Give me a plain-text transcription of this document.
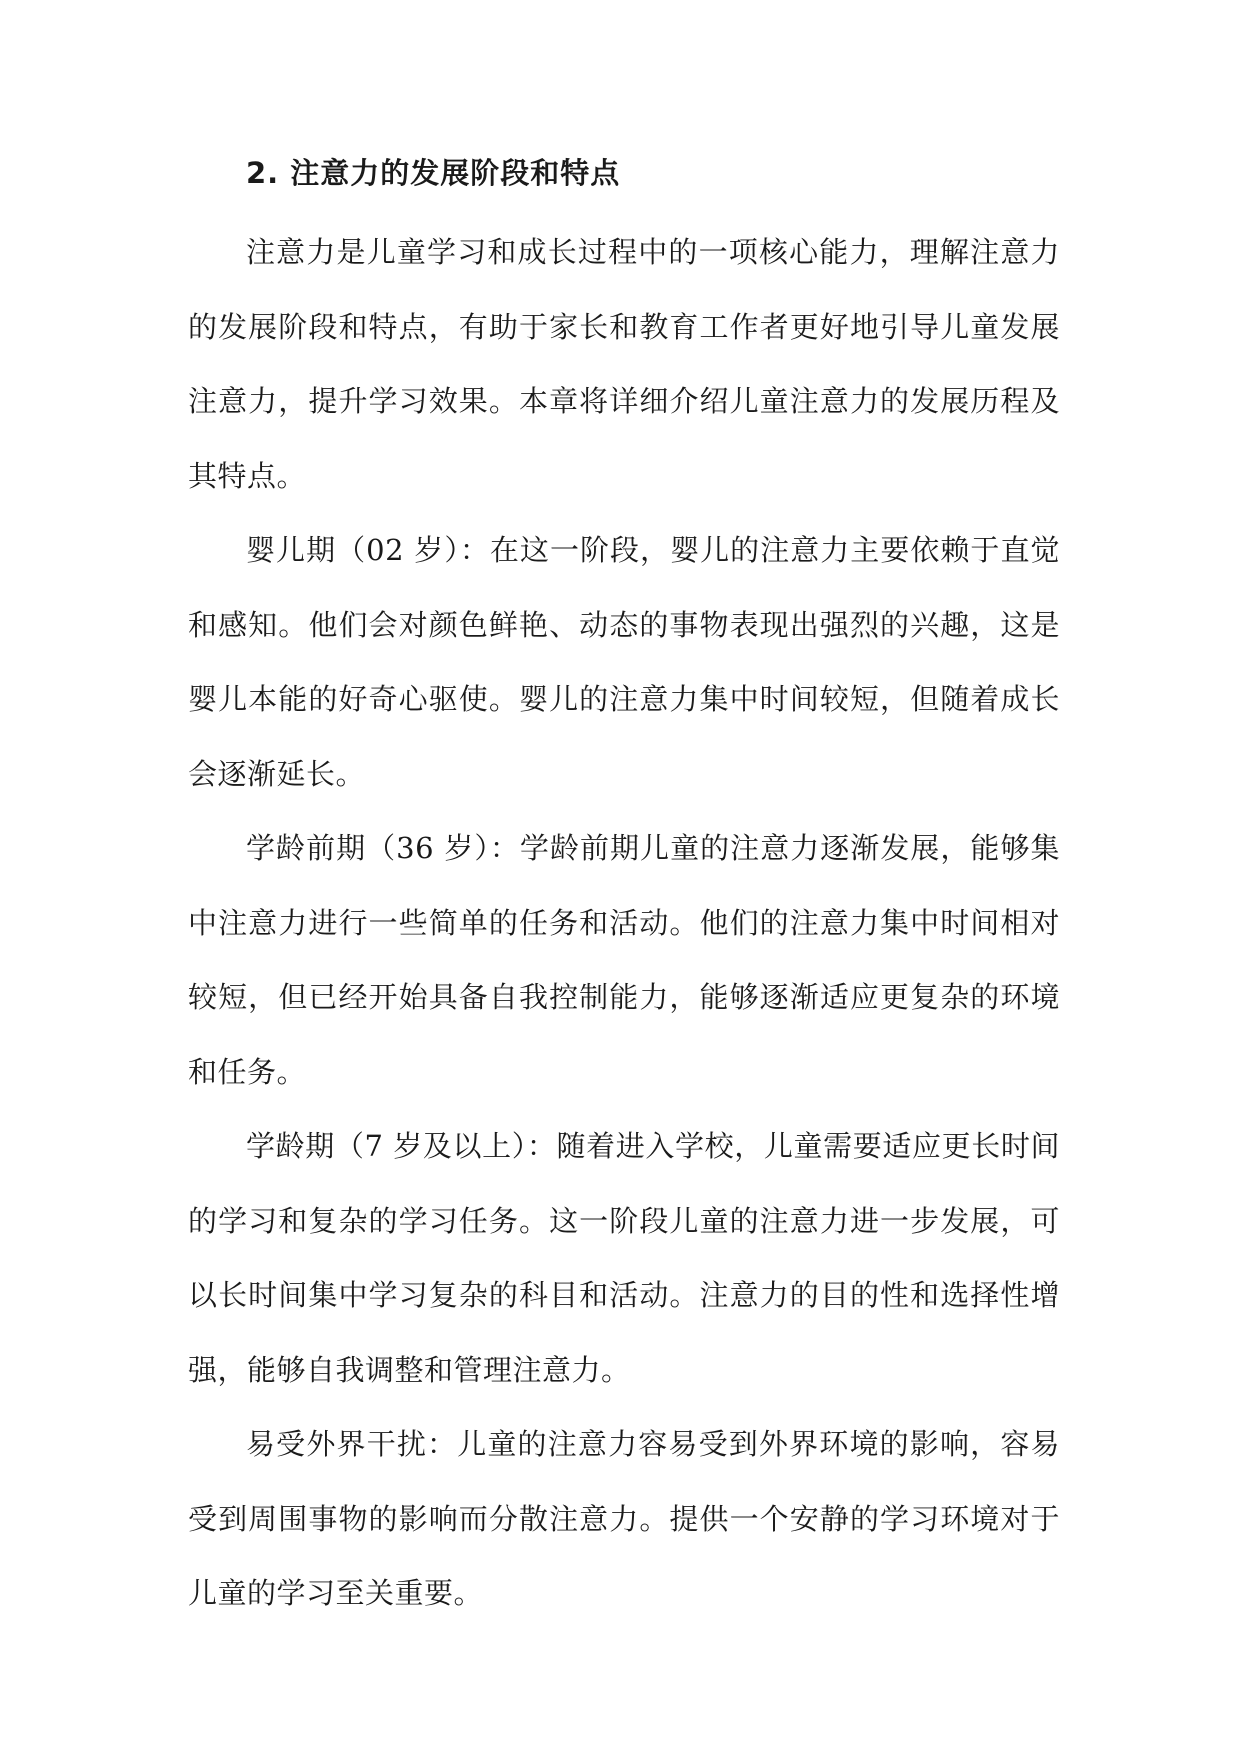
2. 注意力的发展阶段和特点

注意力是儿童学习和成长过程中的一项核心能力，理解注意力的发展阶段和特点，有助于家长和教育工作者更好地引导儿童发展注意力，提升学习效果。本章将详细介绍儿童注意力的发展历程及其特点。

婴儿期（02 岁）：在这一阶段，婴儿的注意力主要依赖于直觉和感知。他们会对颜色鲜艳、动态的事物表现出强烈的兴趣，这是婴儿本能的好奇心驱使。婴儿的注意力集中时间较短，但随着成长会逐渐延长。

学龄前期（36 岁）：学龄前期儿童的注意力逐渐发展，能够集中注意力进行一些简单的任务和活动。他们的注意力集中时间相对较短，但已经开始具备自我控制能力，能够逐渐适应更复杂的环境和任务。

学龄期（7 岁及以上）：随着进入学校，儿童需要适应更长时间的学习和复杂的学习任务。这一阶段儿童的注意力进一步发展，可以长时间集中学习复杂的科目和活动。注意力的目的性和选择性增强，能够自我调整和管理注意力。

易受外界干扰：儿童的注意力容易受到外界环境的影响，容易受到周围事物的影响而分散注意力。提供一个安静的学习环境对于儿童的学习至关重要。
